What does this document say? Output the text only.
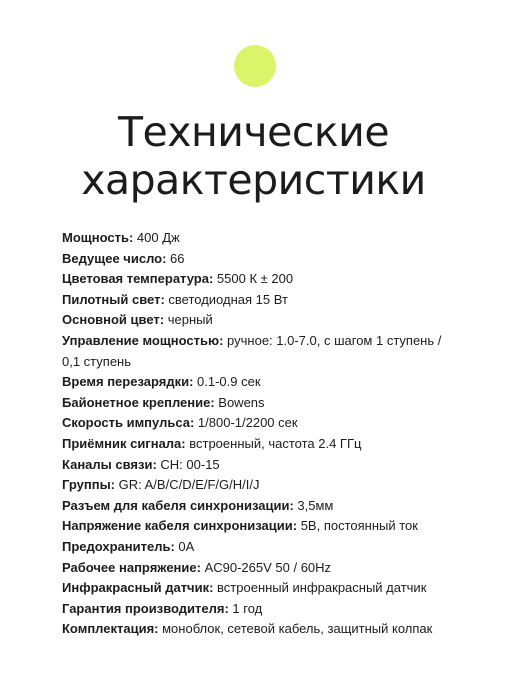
Технические
характеристики

Мощность: 400 Дж

Ведущее число: 66

Цветовая температура: 5500 К ± 200

Пилотный свет: светодиодная 15 Вт

Основной цвет: черный

Управление мощностью: ручное: 1.0-7.0, с шагом 1 ступень / 0,1 ступень

Время перезарядки: 0.1-0.9 сек

Байонетное крепление: Bowens

Скорость импульса: 1/800-1/2200 сек

Приёмник сигнала: встроенный, частота 2.4 ГГц

Каналы связи: CH: 00-15

Группы: GR: A/B/C/D/E/F/G/H/I/J

Разъем для кабеля синхронизации: 3,5мм

Напряжение кабеля синхронизации: 5В, постоянный ток

Предохранитель: 0А

Рабочее напряжение: AC90-265V 50 / 60Hz

Инфракрасный датчик: встроенный инфракрасный датчик

Гарантия производителя: 1 год

Комплектация: моноблок, сетевой кабель, защитный колпак
